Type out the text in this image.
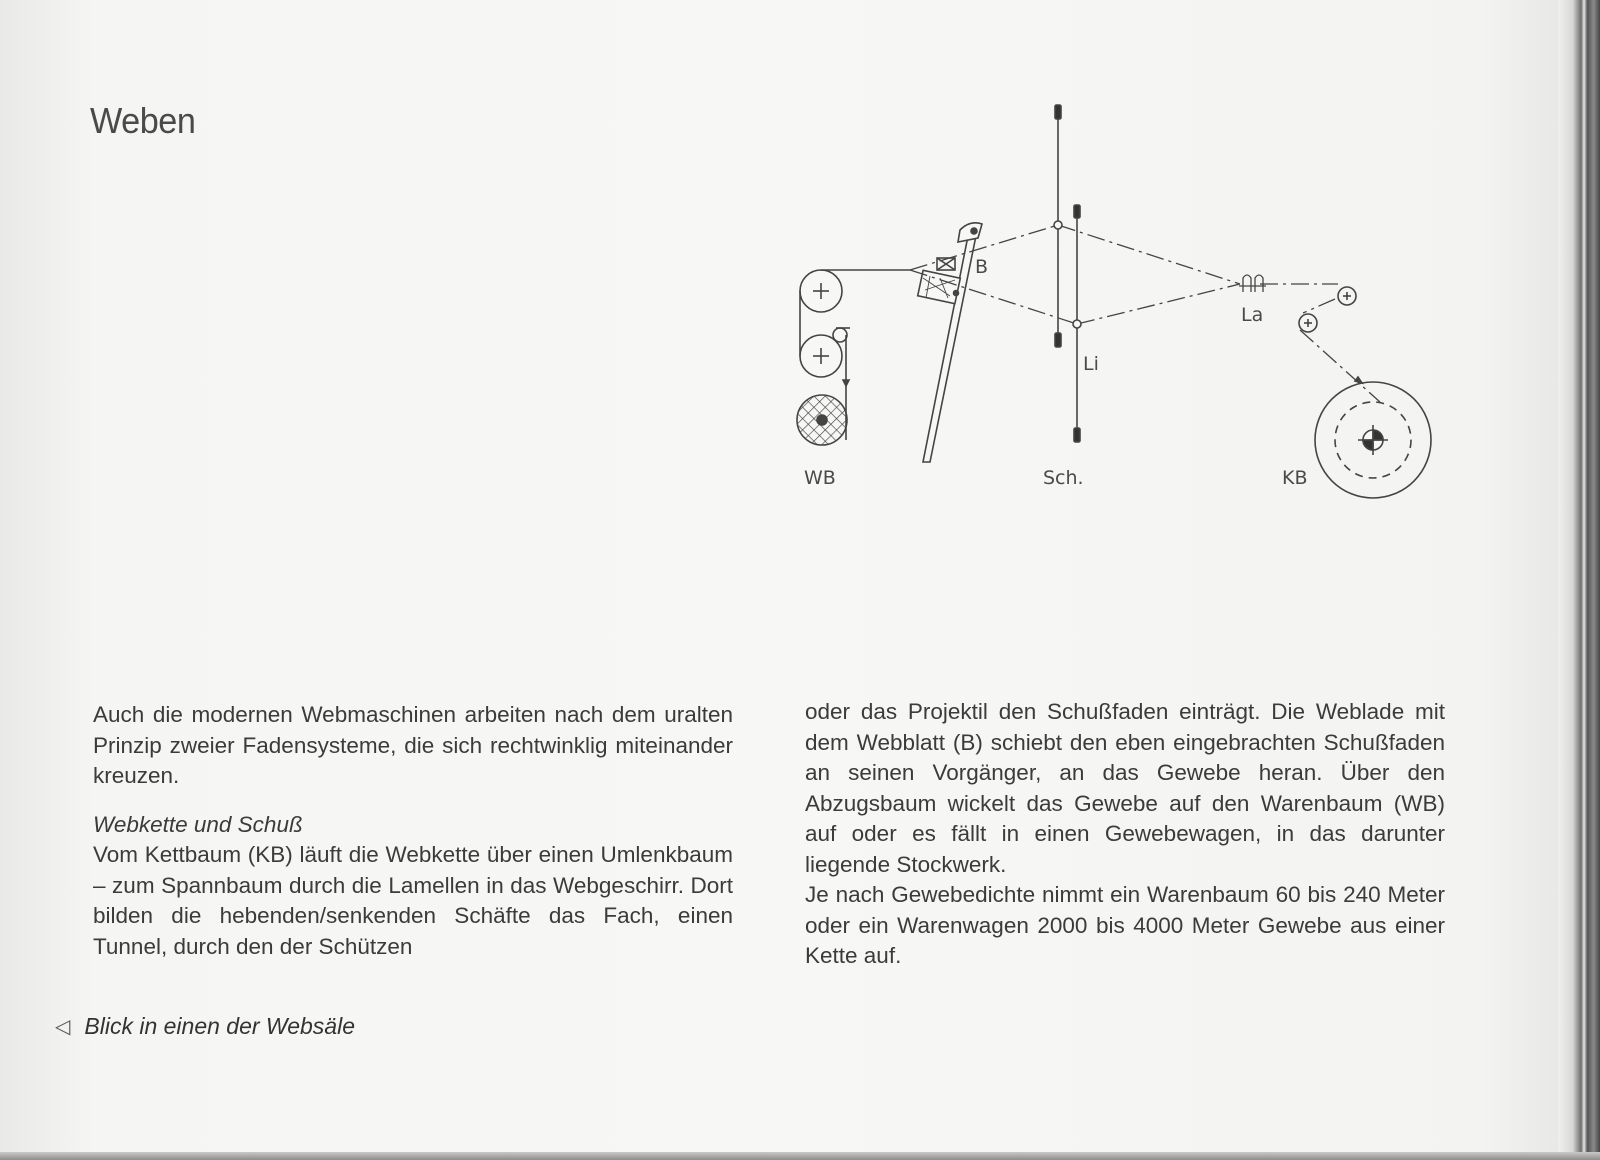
Weben
WB
B
Sch.
Li
La
KB

Auch die modernen Webmaschinen arbeiten nach dem uralten Prinzip zweier Fadensysteme, die sich rechtwinklig miteinander kreuzen.

Webkette und Schuß

Vom Kettbaum (KB) läuft die Webkette über einen Umlenkbaum – zum Spannbaum durch die Lamellen in das Webgeschirr. Dort bilden die hebenden/senkenden Schäfte das Fach, einen Tunnel, durch den der Schützen

oder das Projektil den Schußfaden einträgt. Die Weblade mit dem Webblatt (B) schiebt den eben eingebrachten Schußfaden an seinen Vorgänger, an das Gewebe heran. Über den Abzugsbaum wickelt das Gewebe auf den Warenbaum (WB) auf oder es fällt in einen Gewebewagen, in das darunter liegende Stockwerk.

Je nach Gewebedichte nimmt ein Warenbaum 60 bis 240 Meter oder ein Warenwagen 2000 bis 4000 Meter Gewebe aus einer Kette auf.

◁ Blick in einen der Websäle
